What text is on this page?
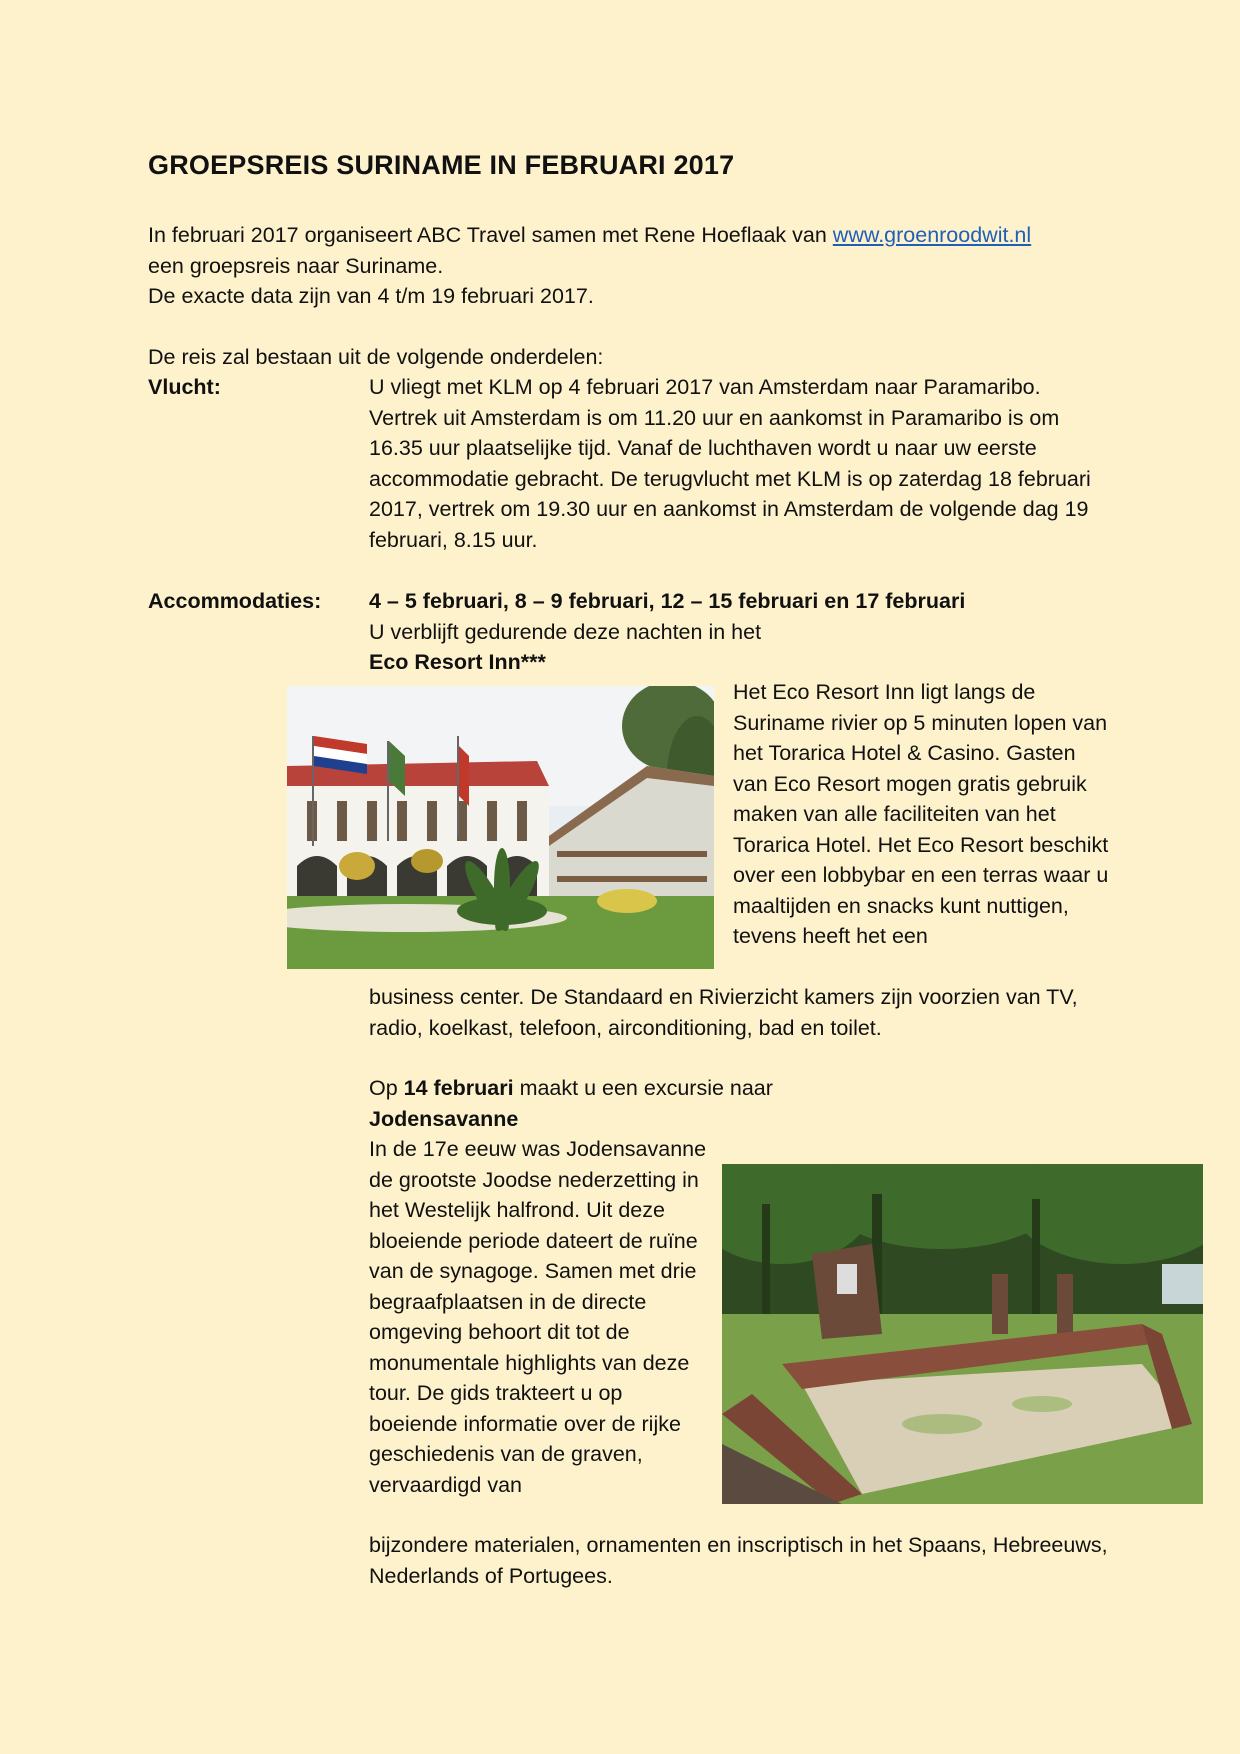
GROEPSREIS SURINAME IN FEBRUARI 2017

In februari 2017 organiseert ABC Travel samen met Rene Hoeflaak van www.groenroodwit.nl

een groepsreis naar Suriname.

De exacte data zijn van 4 t/m 19 februari 2017.

De reis zal bestaan uit de volgende onderdelen:
Vlucht:	U vliegt met KLM op 4 februari 2017 van Amsterdam naar Paramaribo. Vertrek uit Amsterdam is om 11.20 uur en aankomst in Paramaribo is om 16.35 uur plaatselijke tijd. Vanaf de luchthaven wordt u naar uw eerste accommodatie gebracht. De terugvlucht met KLM is op zaterdag 18 februari 2017, vertrek om 19.30 uur en aankomst in Amsterdam de volgende dag 19 februari, 8.15 uur.
Accommodaties: 4 – 5 februari, 8 – 9 februari, 12 – 15 februari en 17 februari

U verblijft gedurende deze nachten in het

Eco Resort Inn***

Het Eco Resort Inn ligt langs de Suriname rivier op 5 minuten lopen van het Torarica Hotel & Casino. Gasten van Eco Resort mogen gratis gebruik maken van alle faciliteiten van het Torarica Hotel. Het Eco Resort beschikt over een lobbybar en een terras waar u maaltijden en snacks kunt nuttigen, tevens heeft het een
business center. De Standaard en Rivierzicht kamers zijn voorzien van TV, radio, koelkast, telefoon, airconditioning, bad en toilet.

Op 14 februari maakt u een excursie naar

Jodensavanne

In de 17e eeuw was Jodensavanne de grootste Joodse nederzetting in het Westelijk halfrond. Uit deze bloeiende periode dateert de ruïne van de synagoge. Samen met drie begraafplaatsen in de directe omgeving behoort dit tot de monumentale highlights van deze tour. De gids trakteert u op boeiende informatie over de rijke geschiedenis van de graven, vervaardigd van
bijzondere materialen, ornamenten en inscriptisch in het Spaans, Hebreeuws, Nederlands of Portugees.
